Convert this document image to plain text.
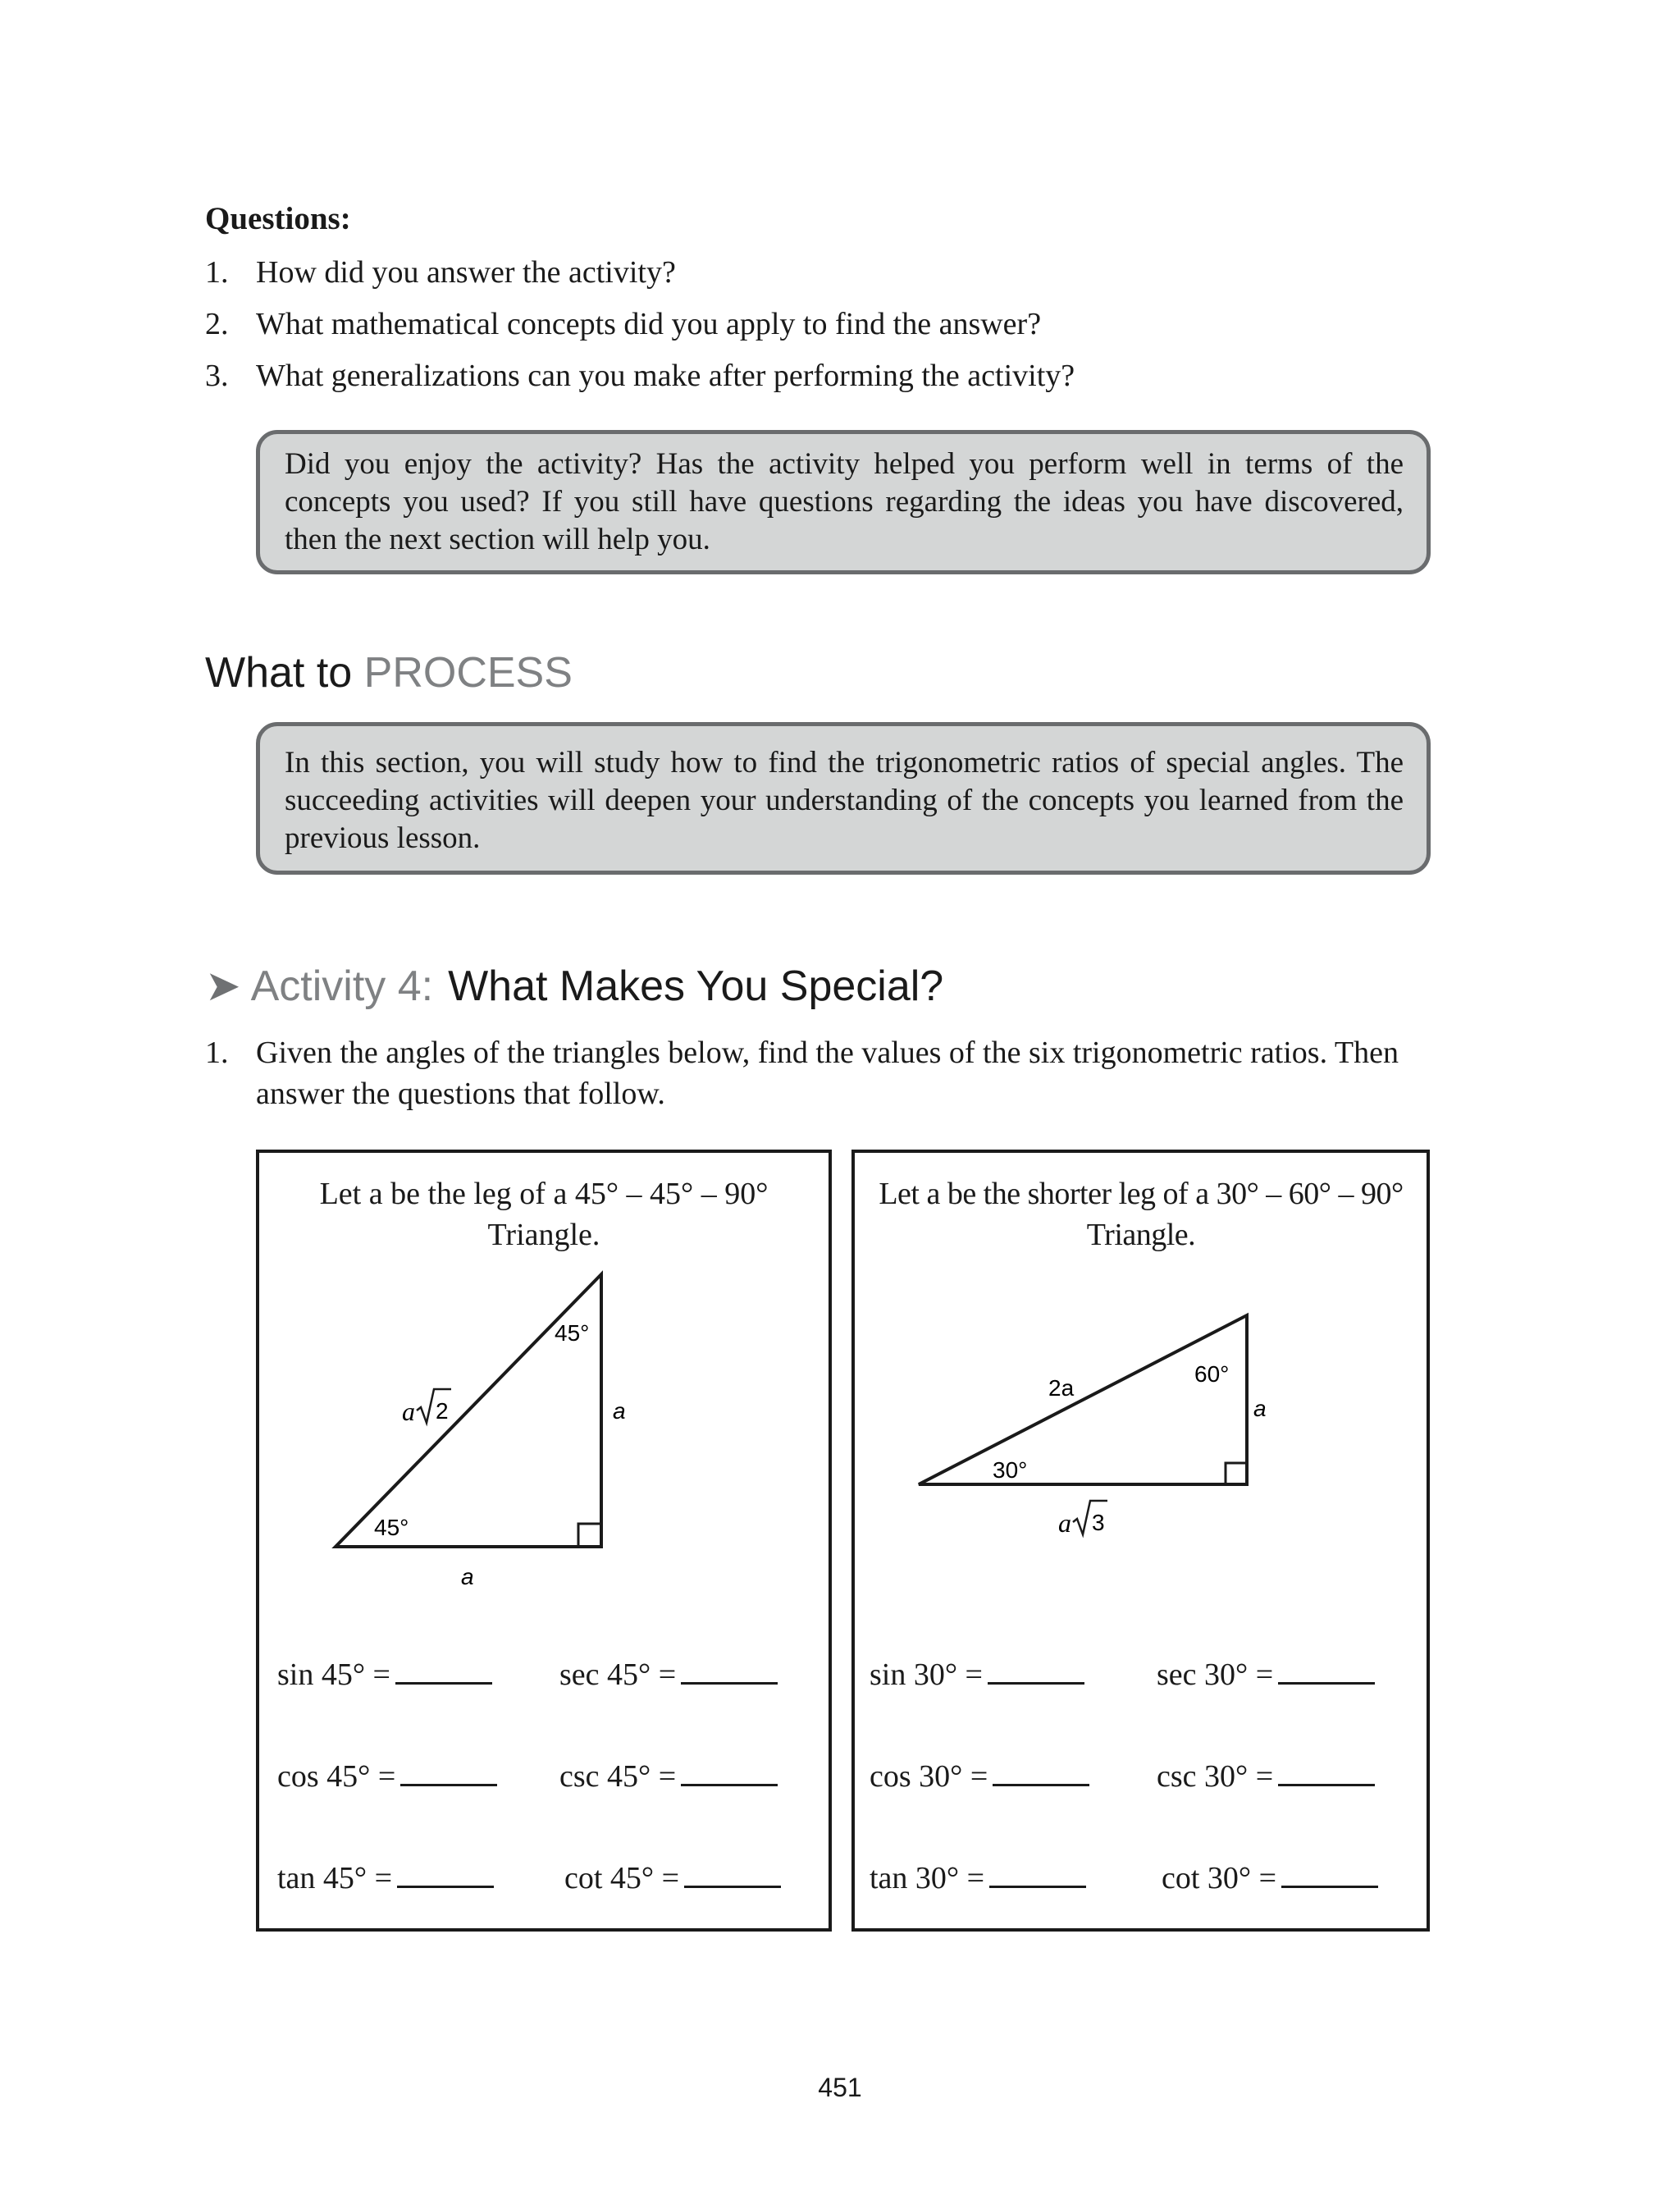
Questions:
1. How did you answer the activity?
2. What mathematical concepts did you apply to find the answer?
3. What generalizations can you make after performing the activity?
Did you enjoy the activity? Has the activity helped you perform well in terms of the concepts you used? If you still have questions regarding the ideas you have discovered, then the next section will help you.
What to PROCESS
In this section, you will study how to find the trigonometric ratios of special angles. The succeeding activities will deepen your understanding of the concepts you learned from the previous lesson.
➤ Activity 4: What Makes You Special?
1. Given the angles of the triangles below, find the values of the six trigonometric ratios. Then answer the questions that follow.
Let a be the leg of a 45° – 45° – 90°
Triangle.
45°
45°
a 2	a
a
sin 45° =	sec 45° =
cos 45° =	csc 45° =
tan 45° =	cot 45° =
Let a be the shorter leg of a 30° – 60° – 90°
Triangle.
2a
60°
a
30°
a 3
sin 30° =	sec 30° =
cos 30° =	csc 30° =
tan 30° =	cot 30° =
451
